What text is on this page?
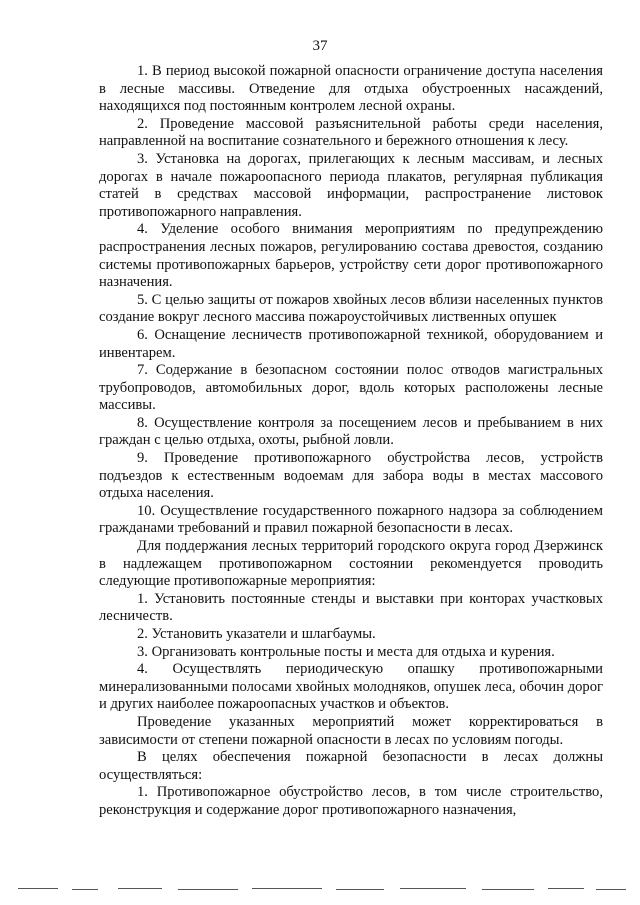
37

1. В период высокой пожарной опасности ограничение доступа населения в лесные массивы. Отведение для отдыха обустроенных насаждений, находящихся под постоянным контролем лесной охраны.

2. Проведение массовой разъяснительной работы среди населения, направленной на воспитание сознательного и бережного отношения к лесу.

3. Установка на дорогах, прилегающих к лесным массивам, и лесных дорогах в начале пожароопасного периода плакатов, регулярная публикация статей в средствах массовой информации, распространение листовок противопожарного направления.

4. Уделение особого внимания мероприятиям по предупреждению распространения лесных пожаров, регулированию состава древостоя, созданию системы противопожарных барьеров, устройству сети дорог противопожарного назначения.

5. С целью защиты от пожаров хвойных лесов вблизи населенных пунктов создание вокруг лесного массива пожароустойчивых лиственных опушек

6. Оснащение лесничеств противопожарной техникой, оборудованием и инвентарем.

7. Содержание в безопасном состоянии полос отводов магистральных трубопроводов, автомобильных дорог, вдоль которых расположены лесные массивы.

8. Осуществление контроля за посещением лесов и пребыванием в них граждан с целью отдыха, охоты, рыбной ловли.

9. Проведение противопожарного обустройства лесов, устройств подъездов к естественным водоемам для забора воды в местах массового отдыха населения.

10. Осуществление государственного пожарного надзора за соблюдением гражданами требований и правил пожарной безопасности в лесах.

Для поддержания лесных территорий городского округа город Дзержинск в надлежащем противопожарном состоянии рекомендуется проводить следующие противопожарные мероприятия:

1. Установить постоянные стенды и выставки при конторах участковых лесничеств.

2. Установить указатели и шлагбаумы.

3. Организовать контрольные посты и места для отдыха и курения.

4. Осуществлять периодическую опашку противопожарными минерализованными полосами хвойных молодняков, опушек леса, обочин дорог и других наиболее пожароопасных участков и объектов.

Проведение указанных мероприятий может корректироваться в зависимости от степени пожарной опасности в лесах по условиям погоды.

В целях обеспечения пожарной безопасности в лесах должны осуществляться:

1. Противопожарное обустройство лесов, в том числе строительство, реконструкция и содержание дорог противопожарного назначения,
